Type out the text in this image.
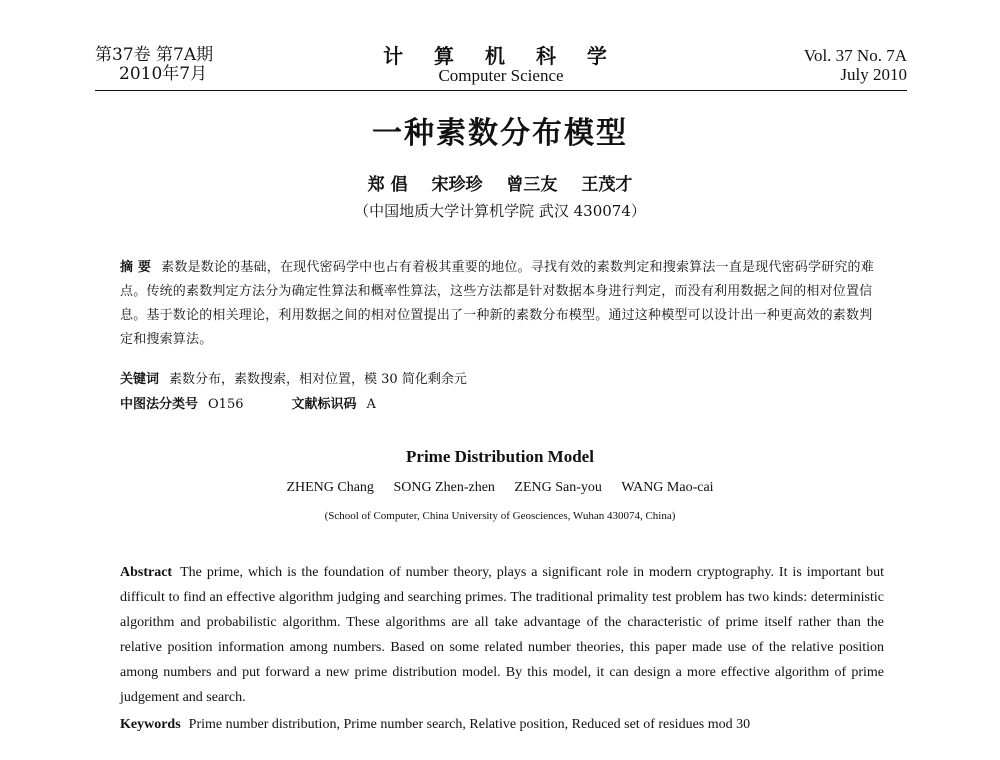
第37卷 第7A期
2010年7月
计 算 机 科 学
Computer Science
Vol. 37 No. 7A
July 2010
一种素数分布模型
郑 倡 宋珍珍 曾三友 王茂才
（中国地质大学计算机学院 武汉 430074）
摘 要 素数是数论的基础，在现代密码学中也占有着极其重要的地位。寻找有效的素数判定和搜索算法一直是现代密码学研究的难点。传统的素数判定方法分为确定性算法和概率性算法，这些方法都是针对数据本身进行判定，而没有利用数据之间的相对位置信息。基于数论的相关理论，利用数据之间的相对位置提出了一种新的素数分布模型。通过这种模型可以设计出一种更高效的素数判定和搜索算法。
关键词 素数分布，素数搜索，相对位置，模 30 简化剩余元
中图法分类号 O156	文献标识码 A
Prime Distribution Model
ZHENG Chang SONG Zhen-zhen ZENG San-you WANG Mao-cai
(School of Computer, China University of Geosciences, Wuhan 430074, China)
Abstract The prime, which is the foundation of number theory, plays a significant role in modern cryptography. It is important but difficult to find an effective algorithm judging and searching primes. The traditional primality test problem has two kinds: deterministic algorithm and probabilistic algorithm. These algorithms are all take advantage of the characteristic of prime itself rather than the relative position information among numbers. Based on some related number theories, this paper made use of the relative position among numbers and put forward a new prime distribution model. By this model, it can design a more effective algorithm of prime judgement and search.
Keywords Prime number distribution, Prime number search, Relative position, Reduced set of residues mod 30
